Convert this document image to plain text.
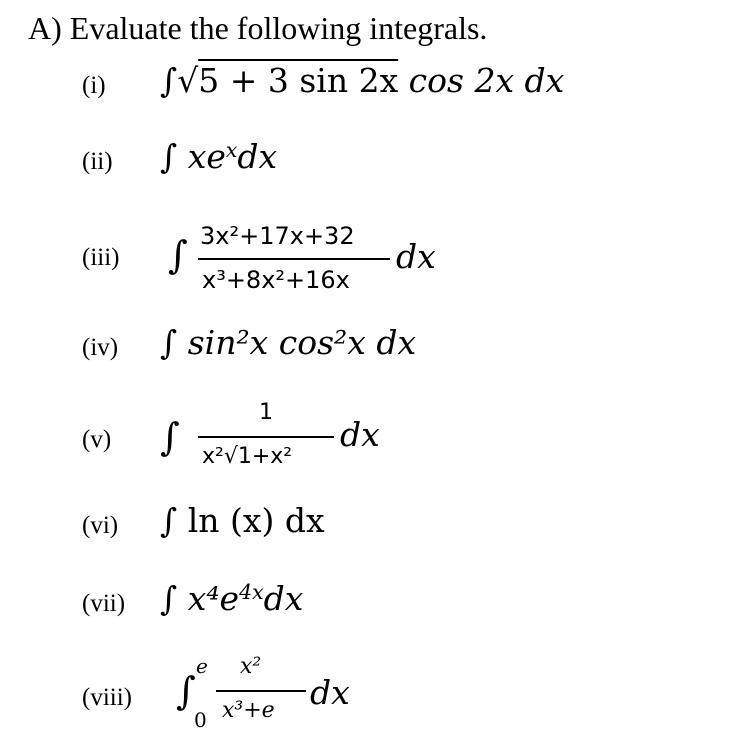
A) Evaluate the following integrals.
(i) ∫√5 + 3 sin 2x cos 2x dx
(ii) ∫ $xe^xdx$
(iii) ∫ 3x²+17x+32
x³+8x²+16x
dx
(iv) ∫ sin²x cos²x dx
(v) ∫
1
x²√1+x²
dx
(vi) ∫ ln (x) dx
(vii) ∫ $x^4e^{4x}dx$
(viii) ∫
e
0
x²
x³+e dx
